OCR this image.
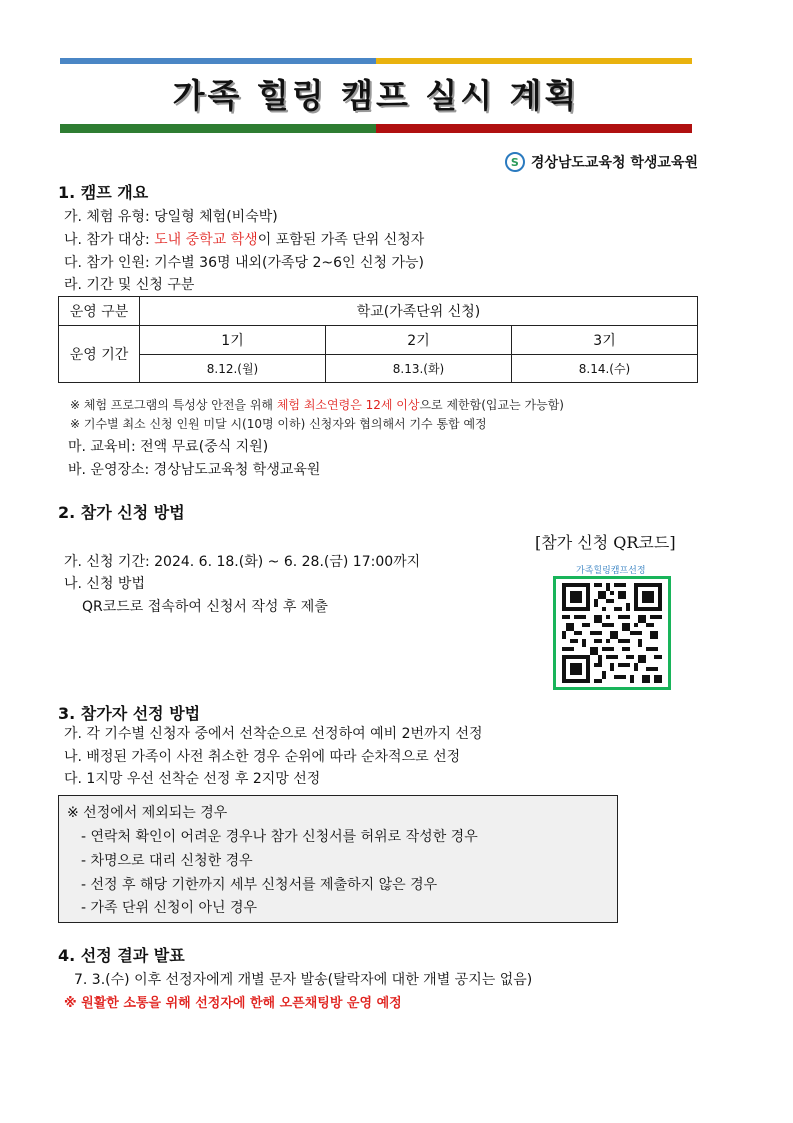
가족 힐링 캠프 실시 계획
S 경상남도교육청 학생교육원
1. 캠프 개요
가. 체험 유형: 당일형 체험(비숙박)
나. 참가 대상: 도내 중학교 학생이 포함된 가족 단위 신청자
다. 참가 인원: 기수별 36명 내외(가족당 2~6인 신청 가능)
라. 기간 및 신청 구분
운영 구분	학교(가족단위 신청)		
운영 기간	1기	2기	3기
	8.12.(월)	8.13.(화)	8.14.(수)
※ 체험 프로그램의 특성상 안전을 위해 체험 최소연령은 12세 이상으로 제한함(입교는 가능함)
※ 기수별 최소 신청 인원 미달 시(10명 이하) 신청자와 협의해서 기수 통합 예정
마. 교육비: 전액 무료(중식 지원)
바. 운영장소: 경상남도교육청 학생교육원
2. 참가 신청 방법
[참가 신청 QR코드]
가. 신청 기간: 2024. 6. 18.(화) ~ 6. 28.(금) 17:00까지
나. 신청 방법
QR코드로 접속하여 신청서 작성 후 제출
가족힐링캠프선정
3. 참가자 선정 방법
가. 각 기수별 신청자 중에서 선착순으로 선정하여 예비 2번까지 선정
나. 배정된 가족이 사전 취소한 경우 순위에 따라 순차적으로 선정
다. 1지망 우선 선착순 선정 후 2지망 선정
※ 선정에서 제외되는 경우
- 연락처 확인이 어려운 경우나 참가 신청서를 허위로 작성한 경우
- 차명으로 대리 신청한 경우
- 선정 후 해당 기한까지 세부 신청서를 제출하지 않은 경우
- 가족 단위 신청이 아닌 경우
4. 선정 결과 발표
7. 3.(수) 이후 선정자에게 개별 문자 발송(탈락자에 대한 개별 공지는 없음)
※ 원활한 소통을 위해 선정자에 한해 오픈채팅방 운영 예정
